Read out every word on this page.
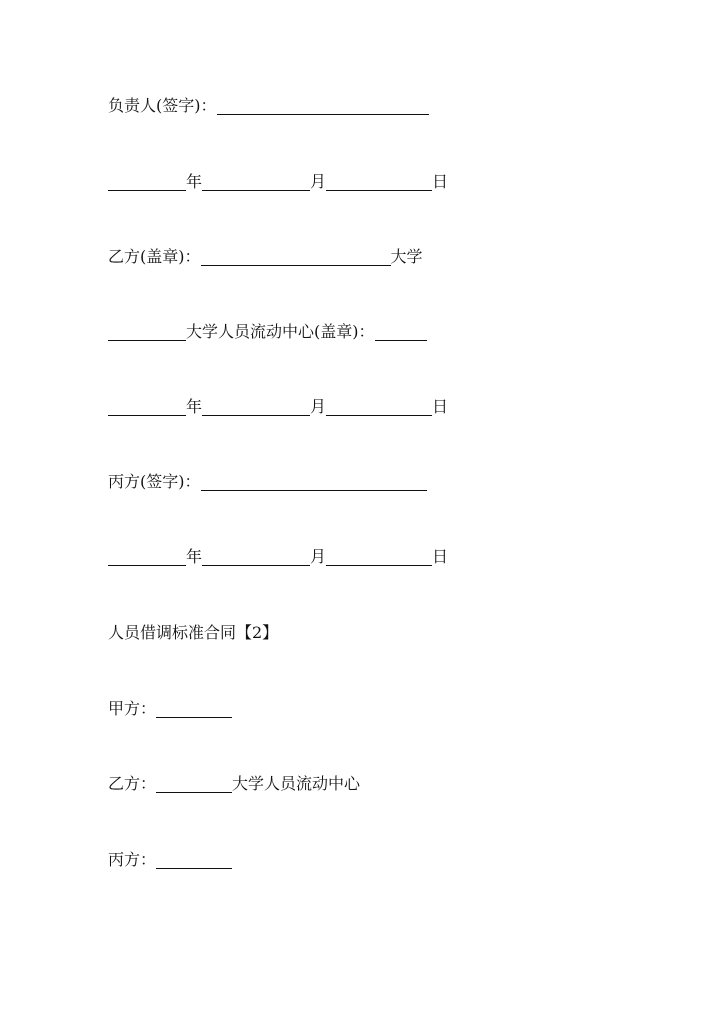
负责人(签字)：
年	月	日
乙方(盖章)：	大学
大学人员流动中心(盖章)：
年	月	日
丙方(签字)：
年	月	日
人员借调标准合同【2】
甲方：
乙方：	大学人员流动中心
丙方：
